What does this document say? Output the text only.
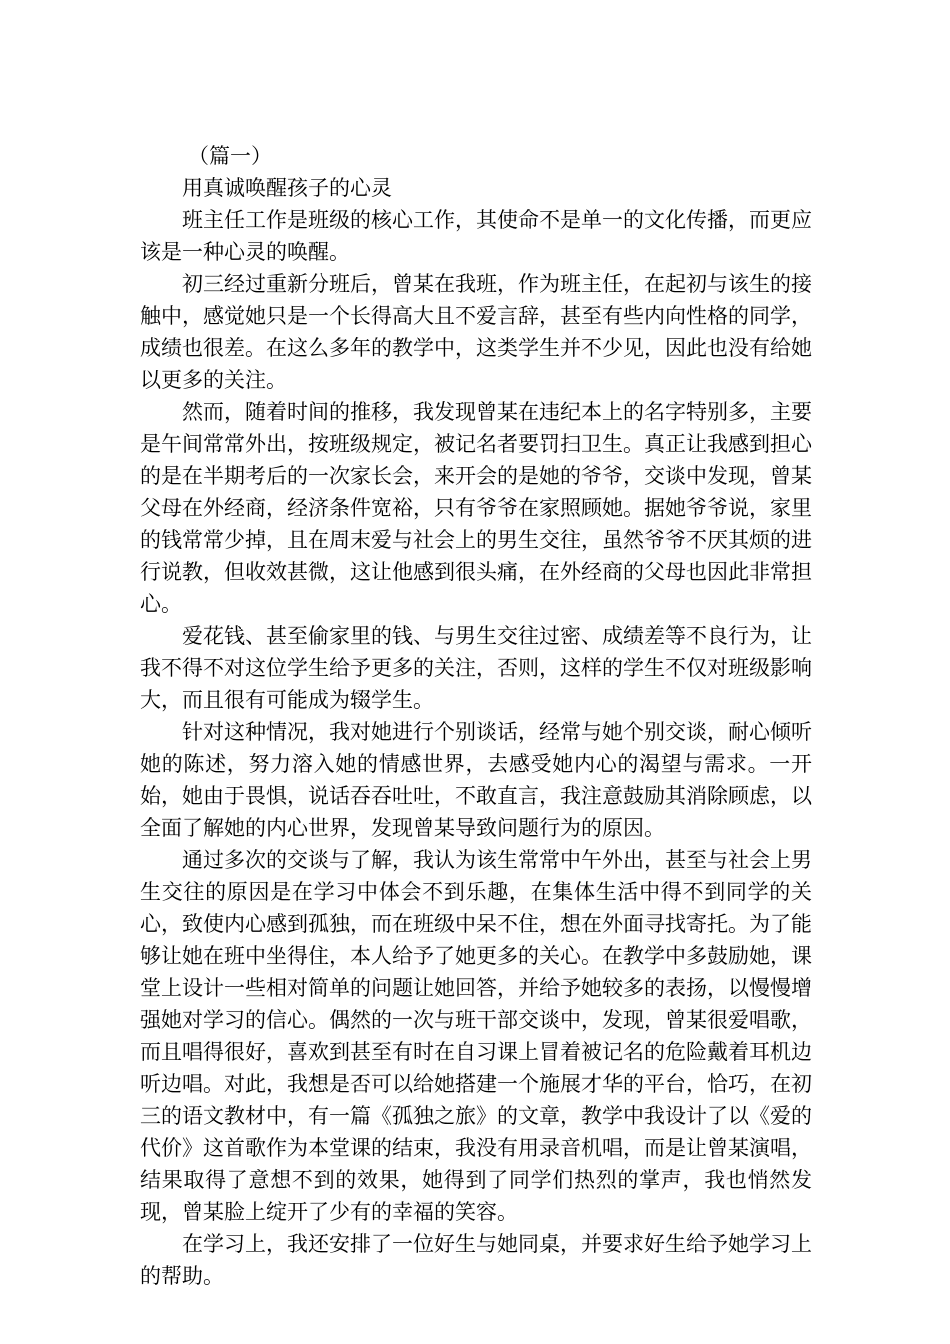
（篇一）

用真诚唤醒孩子的心灵

班主任工作是班级的核心工作，其使命不是单一的文化传播，而更应该是一种心灵的唤醒。

初三经过重新分班后，曾某在我班，作为班主任，在起初与该生的接触中，感觉她只是一个长得高大且不爱言辞，甚至有些内向性格的同学，成绩也很差。在这么多年的教学中，这类学生并不少见，因此也没有给她以更多的关注。

然而，随着时间的推移，我发现曾某在违纪本上的名字特别多，主要是午间常常外出，按班级规定，被记名者要罚扫卫生。真正让我感到担心的是在半期考后的一次家长会，来开会的是她的爷爷，交谈中发现，曾某父母在外经商，经济条件宽裕，只有爷爷在家照顾她。据她爷爷说，家里的钱常常少掉，且在周末爱与社会上的男生交往，虽然爷爷不厌其烦的进行说教，但收效甚微，这让他感到很头痛，在外经商的父母也因此非常担心。

爱花钱、甚至偷家里的钱、与男生交往过密、成绩差等不良行为，让我不得不对这位学生给予更多的关注，否则，这样的学生不仅对班级影响大，而且很有可能成为辍学生。

针对这种情况，我对她进行个别谈话，经常与她个别交谈，耐心倾听她的陈述，努力溶入她的情感世界，去感受她内心的渴望与需求。一开始，她由于畏惧，说话吞吞吐吐，不敢直言，我注意鼓励其消除顾虑，以全面了解她的内心世界，发现曾某导致问题行为的原因。

通过多次的交谈与了解，我认为该生常常中午外出，甚至与社会上男生交往的原因是在学习中体会不到乐趣，在集体生活中得不到同学的关心，致使内心感到孤独，而在班级中呆不住，想在外面寻找寄托。为了能够让她在班中坐得住，本人给予了她更多的关心。在教学中多鼓励她，课堂上设计一些相对简单的问题让她回答，并给予她较多的表扬，以慢慢增强她对学习的信心。偶然的一次与班干部交谈中，发现，曾某很爱唱歌，而且唱得很好，喜欢到甚至有时在自习课上冒着被记名的危险戴着耳机边听边唱。对此，我想是否可以给她搭建一个施展才华的平台，恰巧，在初三的语文教材中，有一篇《孤独之旅》的文章，教学中我设计了以《爱的代价》这首歌作为本堂课的结束，我没有用录音机唱，而是让曾某演唱，结果取得了意想不到的效果，她得到了同学们热烈的掌声，我也悄然发现，曾某脸上绽开了少有的幸福的笑容。

在学习上，我还安排了一位好生与她同桌，并要求好生给予她学习上的帮助。
